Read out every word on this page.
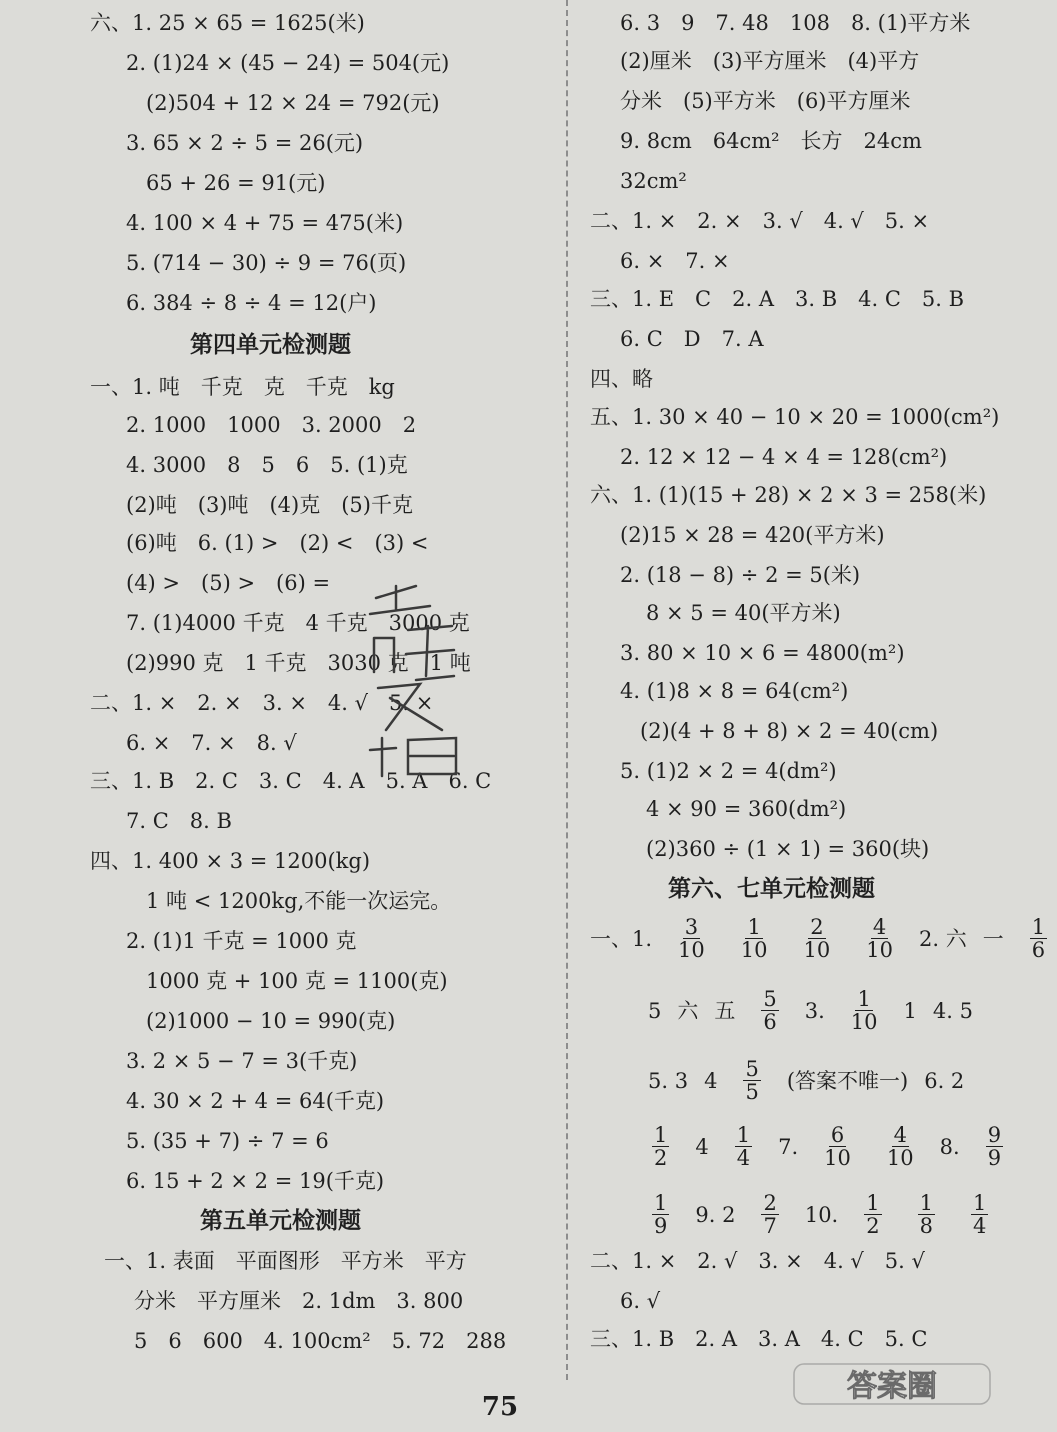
六、1. 25 × 65 = 1625(米)
2. (1)24 × (45 − 24) = 504(元)
(2)504 + 12 × 24 = 792(元)
3. 65 × 2 ÷ 5 = 26(元)
65 + 26 = 91(元)
4. 100 × 4 + 75 = 475(米)
5. (714 − 30) ÷ 9 = 76(页)
6. 384 ÷ 8 ÷ 4 = 12(户)
第四单元检测题
一、1. 吨　千克　克　千克　kg
2. 1000　1000　3. 2000　2
4. 3000　8　5　6　5. (1)克
(2)吨　(3)吨　(4)克　(5)千克
(6)吨　6. (1) >　(2) <　(3) <
(4) >　(5) >　(6) =
7. (1)4000 千克　4 千克　3000 克
(2)990 克　1 千克　3030 克　1 吨
二、1. ×　2. ×　3. ×　4. √　5. ×
6. ×　7. ×　8. √
三、1. B　2. C　3. C　4. A　5. A　6. C
7. C　8. B
四、1. 400 × 3 = 1200(kg)
1 吨 < 1200kg,不能一次运完。
2. (1)1 千克 = 1000 克
1000 克 + 100 克 = 1100(克)
(2)1000 − 10 = 990(克)
3. 2 × 5 − 7 = 3(千克)
4. 30 × 2 + 4 = 64(千克)
5. (35 + 7) ÷ 7 = 6
6. 15 + 2 × 2 = 19(千克)
第五单元检测题
一、1. 表面　平面图形　平方米　平方
分米　平方厘米　2. 1dm　3. 800
5　6　600　4. 100cm²　5. 72　288
6. 3　9　7. 48　108　8. (1)平方米
(2)厘米　(3)平方厘米　(4)平方
分米　(5)平方米　(6)平方厘米
9. 8cm　64cm²　长方　24cm
32cm²
二、1. ×　2. ×　3. √　4. √　5. ×
6. ×　7. ×
三、1. E　C　2. A　3. B　4. C　5. B
6. C　D　7. A
四、略
五、1. 30 × 40 − 10 × 20 = 1000(cm²)
2. 12 × 12 − 4 × 4 = 128(cm²)
六、1. (1)(15 + 28) × 2 × 3 = 258(米)
(2)15 × 28 = 420(平方米)
2. (18 − 8) ÷ 2 = 5(米)
8 × 5 = 40(平方米)
3. 80 × 10 × 6 = 4800(m²)
4. (1)8 × 8 = 64(cm²)
(2)(4 + 8 + 8) × 2 = 40(cm)
5. (1)2 × 2 = 4(dm²)
4 × 90 = 360(dm²)
(2)360 ÷ (1 × 1) = 360(块)
第六、七单元检测题
一、1. $\frac{3}{10} \frac{1}{10} \frac{2}{10} \frac{4}{10} 2$. 六 一 $\frac{1}{6}$
5 六 五 $\frac{5}{6} 3$. $\frac{1}{10} 1$ 4. 5
5. 3 $4 \frac{5}{5}$ (答案不唯一) 6. 2
$\frac{1}{2} 4 \frac{1}{4} 7$. $\frac{6}{10} \frac{4}{10} 8$. $\frac{9}{9}$
$\frac{1}{9} 9$. $2 \frac{2}{7} 10$. $\frac{1}{2} \frac{1}{8} \frac{1}{4}$
二、1. ×　2. √　3. ×　4. √　5. √
6. √
三、1. B　2. A　3. A　4. C　5. C
75
答案圈
